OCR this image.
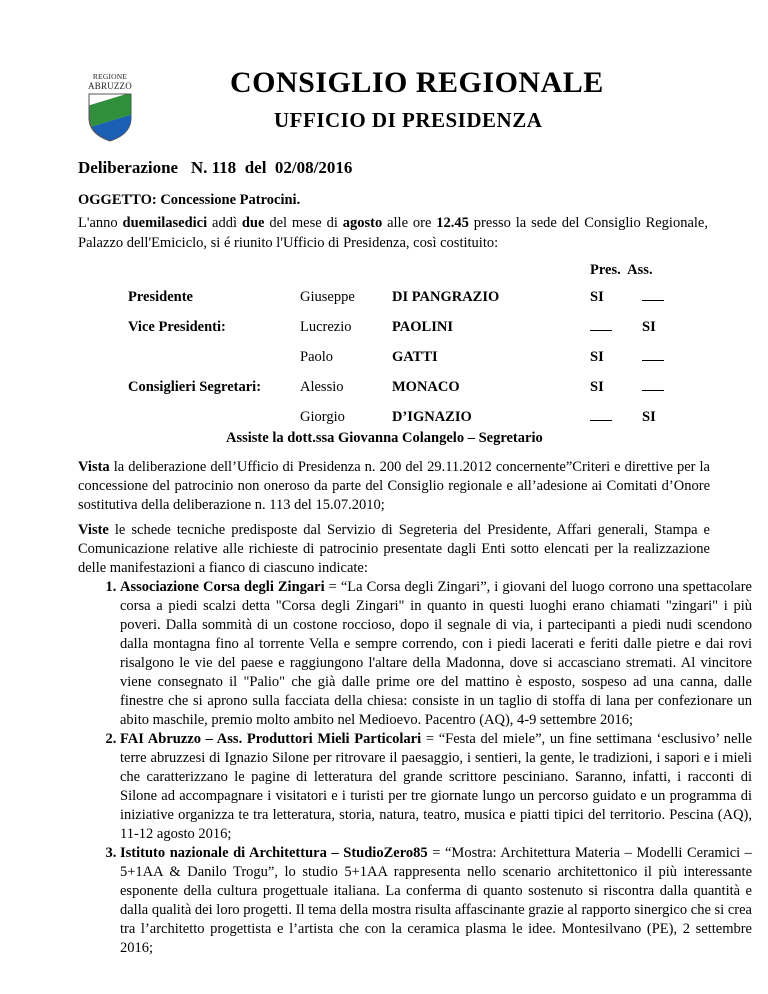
REGIONE
ABRUZZO	CONSIGLIO REGIONALE
UFFICIO DI PRESIDENZA
Deliberazione N. 118 del 02/08/2016
OGGETTO: Concessione Patrocini.
L'anno duemilasedici addì due del mese di agosto alle ore 12.45 presso la sede del Consiglio Regionale, Palazzo dell'Emiciclo, si é riunito l'Ufficio di Presidenza, così costituito:
Pres.  Ass.
Presidente	Giuseppe	DI PANGRAZIO	SI	
Vice Presidenti:	Lucrezio	PAOLINI		SI
	Paolo	GATTI	SI	
Consiglieri Segretari:	Alessio	MONACO	SI	
	Giorgio	D’IGNAZIO		SI
Assiste la dott.ssa Giovanna Colangelo – Segretario
Vista la deliberazione dell’Ufficio di Presidenza n. 200 del 29.11.2012 concernente”Criteri e direttive per la concessione del patrocinio non oneroso da parte del Consiglio regionale e all’adesione ai Comitati d’Onore sostitutiva della deliberazione n. 113 del 15.07.2010;
Viste le schede tecniche predisposte dal Servizio di Segreteria del Presidente, Affari generali, Stampa e Comunicazione relative alle richieste di patrocinio presentate dagli Enti sotto elencati per la realizzazione delle manifestazioni a fianco di ciascuno indicate:
1. Associazione Corsa degli Zingari = “La Corsa degli Zingari”, i giovani del luogo corrono una spettacolare corsa a piedi scalzi detta "Corsa degli Zingari" in quanto in questi luoghi erano chiamati "zingari" i più poveri. Dalla sommità di un costone roccioso, dopo il segnale di via, i partecipanti a piedi nudi scendono dalla montagna fino al torrente Vella e sempre correndo, con i piedi lacerati e feriti dalle pietre e dai rovi risalgono le vie del paese e raggiungono l'altare della Madonna, dove si accasciano stremati. Al vincitore viene consegnato il "Palio" che già dalle prime ore del mattino è esposto, sospeso ad una canna, dalle finestre che si aprono sulla facciata della chiesa: consiste in un taglio di stoffa di lana per confezionare un abito maschile, premio molto ambito nel Medioevo. Pacentro (AQ), 4-9 settembre 2016;
2. FAI Abruzzo – Ass. Produttori Mieli Particolari = “Festa del miele”, un fine settimana ‘esclusivo’ nelle terre abruzzesi di Ignazio Silone per ritrovare il paesaggio, i sentieri, la gente, le tradizioni, i sapori e i mieli che caratterizzano le pagine di letteratura del grande scrittore pesciniano. Saranno, infatti, i racconti di Silone ad accompagnare i visitatori e i turisti per tre giornate lungo un percorso guidato e un programma di iniziative organizza te tra letteratura, storia, natura, teatro, musica e piatti tipici del territorio. Pescina (AQ), 11-12 agosto 2016;
3. Istituto nazionale di Architettura – StudioZero85 = “Mostra: Architettura Materia – Modelli Ceramici – 5+1AA & Danilo Trogu”, lo studio 5+1AA rappresenta nello scenario architettonico il più interessante esponente della cultura progettuale italiana. La conferma di quanto sostenuto si riscontra dalla quantità e dalla qualità dei loro progetti. Il tema della mostra risulta affascinante grazie al rapporto sinergico che si crea tra l’architetto progettista e l’artista che con la ceramica plasma le idee. Montesilvano (PE), 2 settembre 2016;
